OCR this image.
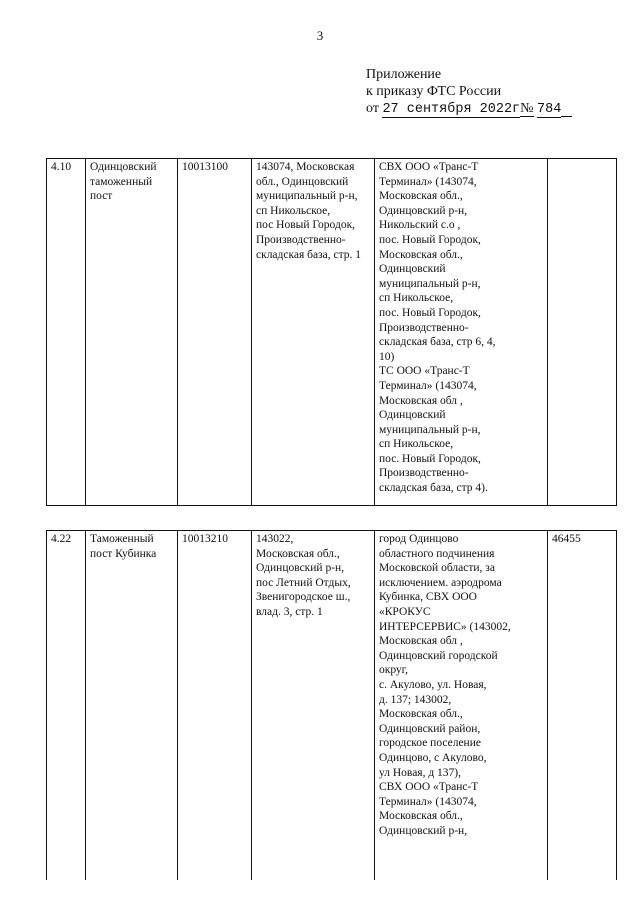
3
Приложение
к приказу ФТС России
от 27 сентября 2022г№ 784
4.10	Одинцовский
таможенный
пост	10013100	143074, Московская
обл., Одинцовский
муниципальный р-н,
сп Никольское,
пос Новый Городок,
Производственно-
складская база, стр. 1	СВХ ООО «Транс-Т
Терминал» (143074,
Московская обл.,
Одинцовский р-н,
Никольский с.о ,
пос. Новый Городок,
Московская обл.,
Одинцовский
муниципальный р-н,
сп Никольское,
пос. Новый Городок,
Производственно-
складская база, стр 6, 4,
10)
ТС ООО «Транс-Т
Терминал» (143074,
Московская обл ,
Одинцовский
муниципальный р-н,
сп Никольское,
пос. Новый Городок,
Производственно-
складская база, стр 4).	
4.22	Таможенный
пост Кубинка	10013210	143022,
Московская обл.,
Одинцовский р-н,
пос Летний Отдых,
Звенигородское ш.,
влад. 3, стр. 1	город Одинцово
областного подчинения
Московской области, за
исключением. аэродрома
Кубинка, СВХ ООО
«КРОКУС
ИНТЕРСЕРВИС» (143002,
Московская обл ,
Одинцовский городской
округ,
с. Акулово, ул. Новая,
д. 137; 143002,
Московская обл.,
Одинцовский район,
городское поселение
Одинцово, с Акулово,
ул Новая, д 137),
СВХ ООО «Транс-Т
Терминал» (143074,
Московская обл.,
Одинцовский р-н,	46455
